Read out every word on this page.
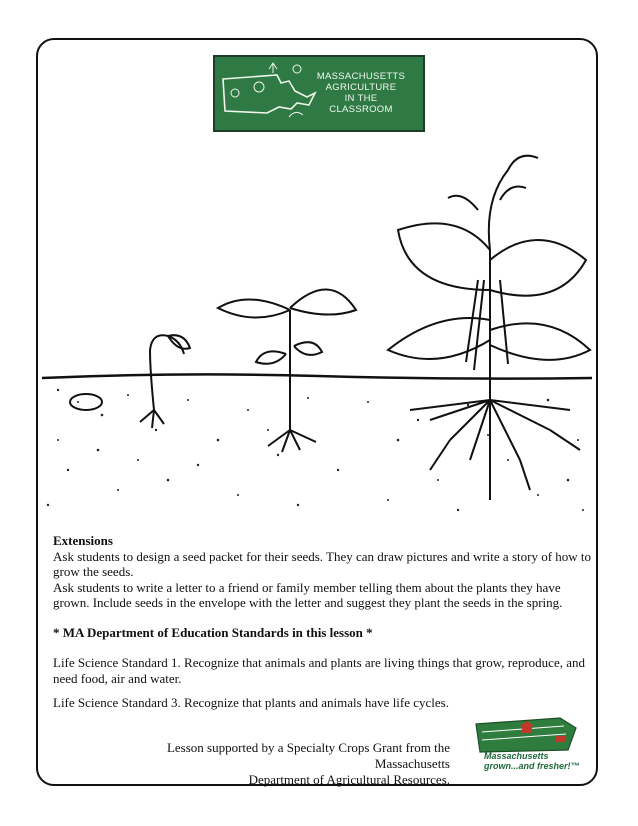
MASSACHUSETTS
AGRICULTURE
IN THE CLASSROOM
Extensions
Ask students to design a seed packet for their seeds. They can draw pictures and write a story of how to grow the seeds.
Ask students to write a letter to a friend or family member telling them about the plants they have grown. Include seeds in the envelope with the letter and suggest they plant the seeds in the spring.
* MA Department of Education Standards in this lesson *
Life Science Standard 1. Recognize that animals and plants are living things that grow, reproduce, and need food, air and water.
Life Science Standard 3. Recognize that plants and animals have life cycles.
Lesson supported by a Specialty Crops Grant from the Massachusetts
Department of Agricultural Resources.
Massachusetts
grown...and fresher!™
